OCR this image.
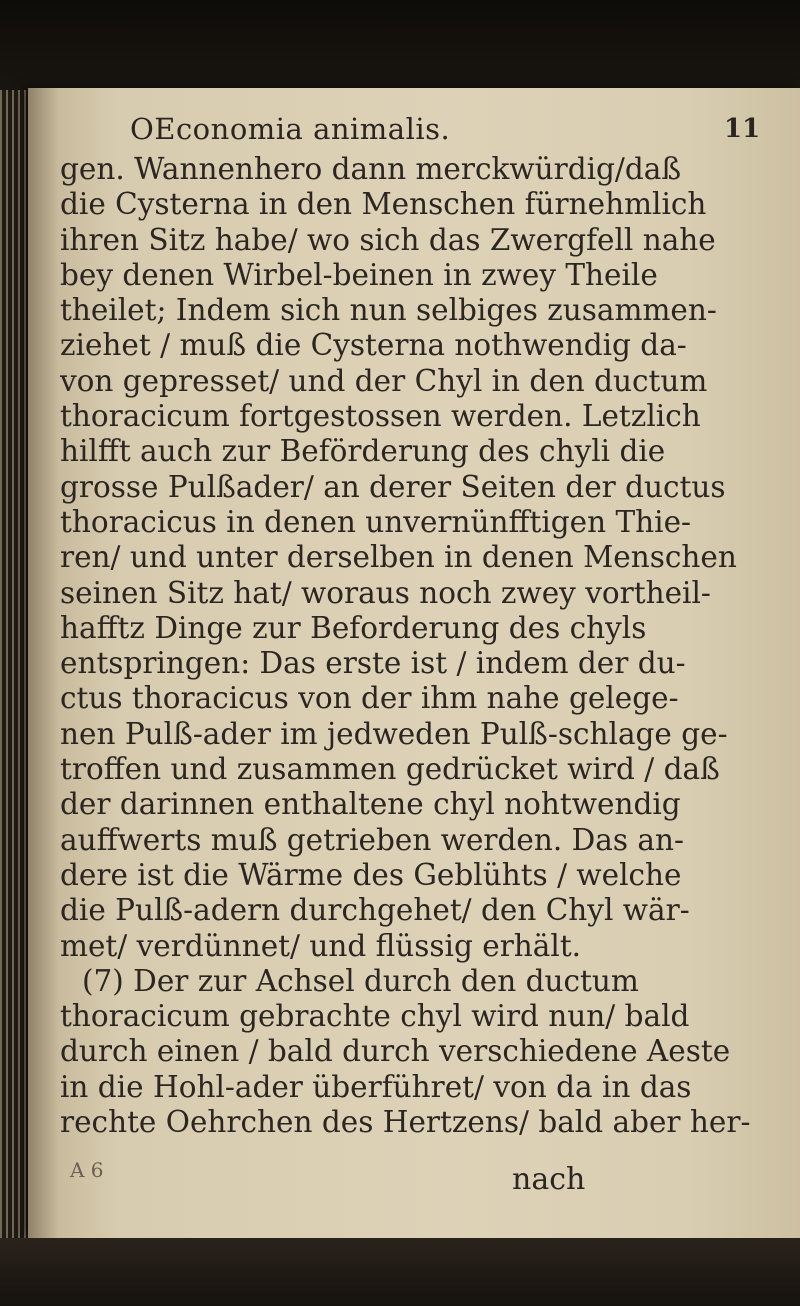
OEconomia animalis.	11
gen. Wannenhero dann merckwürdig/daß
die Cysterna in den Menschen fürnehmlich
ihren Sitz habe/ wo sich das Zwergfell nahe
bey denen Wirbel-beinen in zwey Theile
theilet; Indem sich nun selbiges zusammen-
ziehet / muß die Cysterna nothwendig da-
von gepresset/ und der Chyl in den ductum
thoracicum fortgestossen werden. Letzlich
hilfft auch zur Beförderung des chyli die
grosse Pulßader/ an derer Seiten der ductus
thoracicus in denen unvernünfftigen Thie-
ren/ und unter derselben in denen Menschen
seinen Sitz hat/ woraus noch zwey vortheil-
hafftz Dinge zur Beforderung des chyls
entspringen: Das erste ist / indem der du-
ctus thoracicus von der ihm nahe gelege-
nen Pulß-ader im jedweden Pulß-schlage ge-
troffen und zusammen gedrücket wird / daß
der darinnen enthaltene chyl nohtwendig
auffwerts muß getrieben werden. Das an-
dere ist die Wärme des Geblühts / welche
die Pulß-adern durchgehet/ den Chyl wär-
met/ verdünnet/ und flüssig erhält.
(7) Der zur Achsel durch den ductum
thoracicum gebrachte chyl wird nun/ bald
durch einen / bald durch verschiedene Aeste
in die Hohl-ader überführet/ von da in das
rechte Oehrchen des Hertzens/ bald aber her-
A 6	nach
